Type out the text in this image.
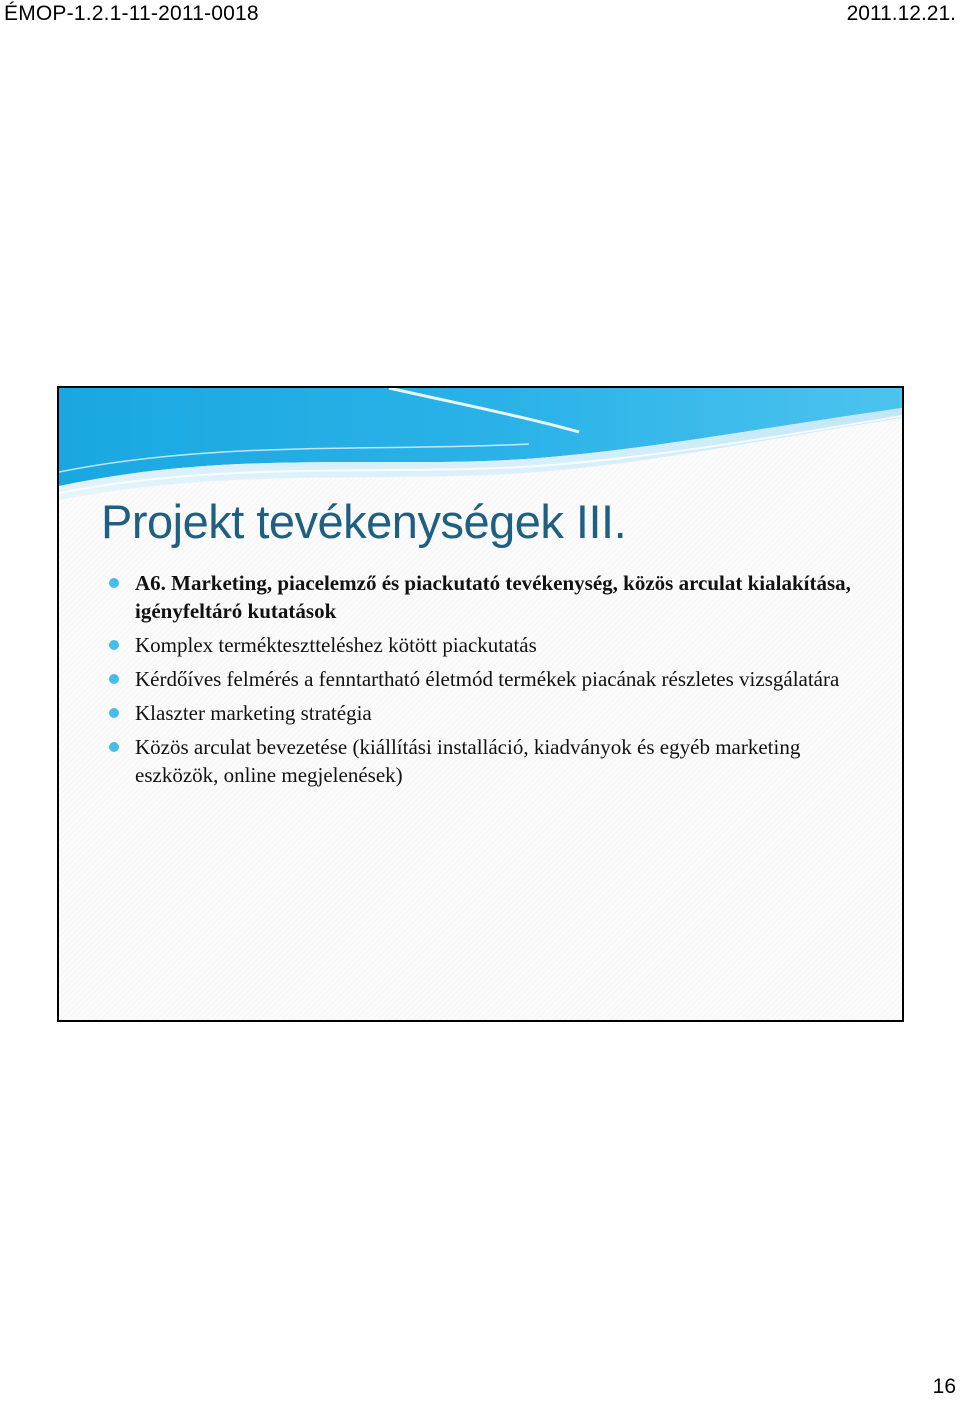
ÉMOP-1.2.1-11-2011-0018	2011.12.21.
Projekt tevékenységek III.
A6. Marketing, piacelemző és piackutató tevékenység, közös arculat kialakítása, igényfeltáró kutatások
Komplex terméktesztteléshez kötött piackutatás
Kérdőíves felmérés a fenntartható életmód termékek piacának részletes vizsgálatára
Klaszter marketing stratégia
Közös arculat bevezetése (kiállítási installáció, kiadványok és egyéb marketing eszközök, online megjelenések)
16
